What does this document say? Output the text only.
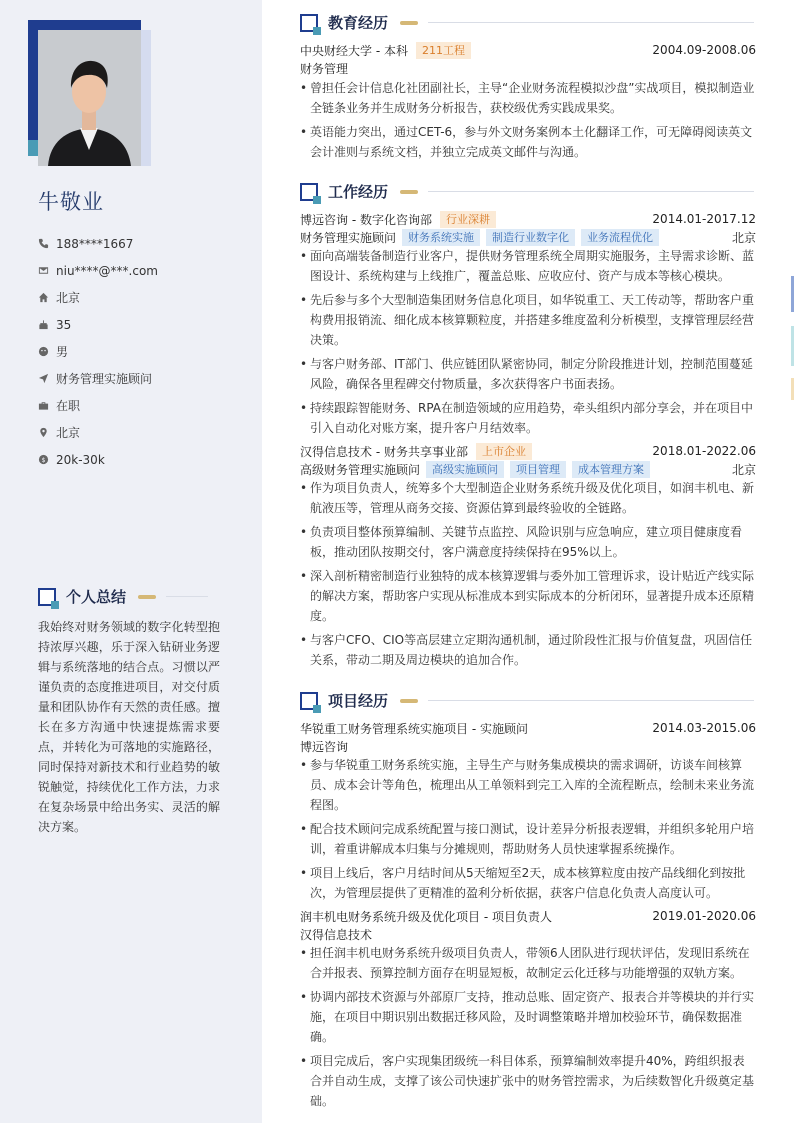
牛敬业
188****1667
niu****@***.com
北京
35
男
财务管理实施顾问
在职
北京
$ 20k-30k
个人总结
我始终对财务领域的数字化转型抱持浓厚兴趣，乐于深入钻研业务逻辑与系统落地的结合点。习惯以严谨负责的态度推进项目，对交付质量和团队协作有天然的责任感。擅长在多方沟通中快速提炼需求要点，并转化为可落地的实施路径，同时保持对新技术和行业趋势的敏锐触觉，持续优化工作方法，力求在复杂场景中给出务实、灵活的解决方案。
教育经历
中央财经大学 - 本科	211工程	2004.09-2008.06
财务管理
• 曾担任会计信息化社团副社长，主导“企业财务流程模拟沙盘”实战项目，模拟制造业全链条业务并生成财务分析报告，获校级优秀实践成果奖。
• 英语能力突出，通过CET-6，参与外文财务案例本土化翻译工作，可无障碍阅读英文会计准则与系统文档，并独立完成英文邮件与沟通。
工作经历
博远咨询 - 数字化咨询部	行业深耕	2014.01-2017.12
财务管理实施顾问	财务系统实施	制造行业数字化	业务流程优化	北京
• 面向高端装备制造行业客户，提供财务管理系统全周期实施服务，主导需求诊断、蓝图设计、系统构建与上线推广，覆盖总账、应收应付、资产与成本等核心模块。
• 先后参与多个大型制造集团财务信息化项目，如华锐重工、天工传动等，帮助客户重构费用报销流、细化成本核算颗粒度，并搭建多维度盈利分析模型，支撑管理层经营决策。
• 与客户财务部、IT部门、供应链团队紧密协同，制定分阶段推进计划，控制范围蔓延风险，确保各里程碑交付物质量，多次获得客户书面表扬。
• 持续跟踪智能财务、RPA在制造领域的应用趋势，牵头组织内部分享会，并在项目中引入自动化对账方案，提升客户月结效率。
汉得信息技术 - 财务共享事业部	上市企业	2018.01-2022.06
高级财务管理实施顾问	高级实施顾问	项目管理	成本管理方案	北京
• 作为项目负责人，统筹多个大型制造企业财务系统升级及优化项目，如润丰机电、新航液压等，管理从商务交接、资源估算到最终验收的全链路。
• 负责项目整体预算编制、关键节点监控、风险识别与应急响应，建立项目健康度看板，推动团队按期交付，客户满意度持续保持在95%以上。
• 深入剖析精密制造行业独特的成本核算逻辑与委外加工管理诉求，设计贴近产线实际的解决方案，帮助客户实现从标准成本到实际成本的分析闭环，显著提升成本还原精度。
• 与客户CFO、CIO等高层建立定期沟通机制，通过阶段性汇报与价值复盘，巩固信任关系，带动二期及周边模块的追加合作。
项目经历
华锐重工财务管理系统实施项目 - 实施顾问	2014.03-2015.06
博远咨询
• 参与华锐重工财务系统实施，主导生产与财务集成模块的需求调研，访谈车间核算员、成本会计等角色，梳理出从工单领料到完工入库的全流程断点，绘制未来业务流程图。
• 配合技术顾问完成系统配置与接口测试，设计差异分析报表逻辑，并组织多轮用户培训，着重讲解成本归集与分摊规则，帮助财务人员快速掌握系统操作。
• 项目上线后，客户月结时间从5天缩短至2天，成本核算粒度由按产品线细化到按批次，为管理层提供了更精准的盈利分析依据，获客户信息化负责人高度认可。
润丰机电财务系统升级及优化项目 - 项目负责人	2019.01-2020.06
汉得信息技术
• 担任润丰机电财务系统升级项目负责人，带领6人团队进行现状评估，发现旧系统在合并报表、预算控制方面存在明显短板，故制定云化迁移与功能增强的双轨方案。
• 协调内部技术资源与外部原厂支持，推动总账、固定资产、报表合并等模块的并行实施，在项目中期识别出数据迁移风险，及时调整策略并增加校验环节，确保数据准确。
• 项目完成后，客户实现集团级统一科目体系，预算编制效率提升40%，跨组织报表合并自动生成，支撑了该公司快速扩张中的财务管控需求，为后续数智化升级奠定基础。
